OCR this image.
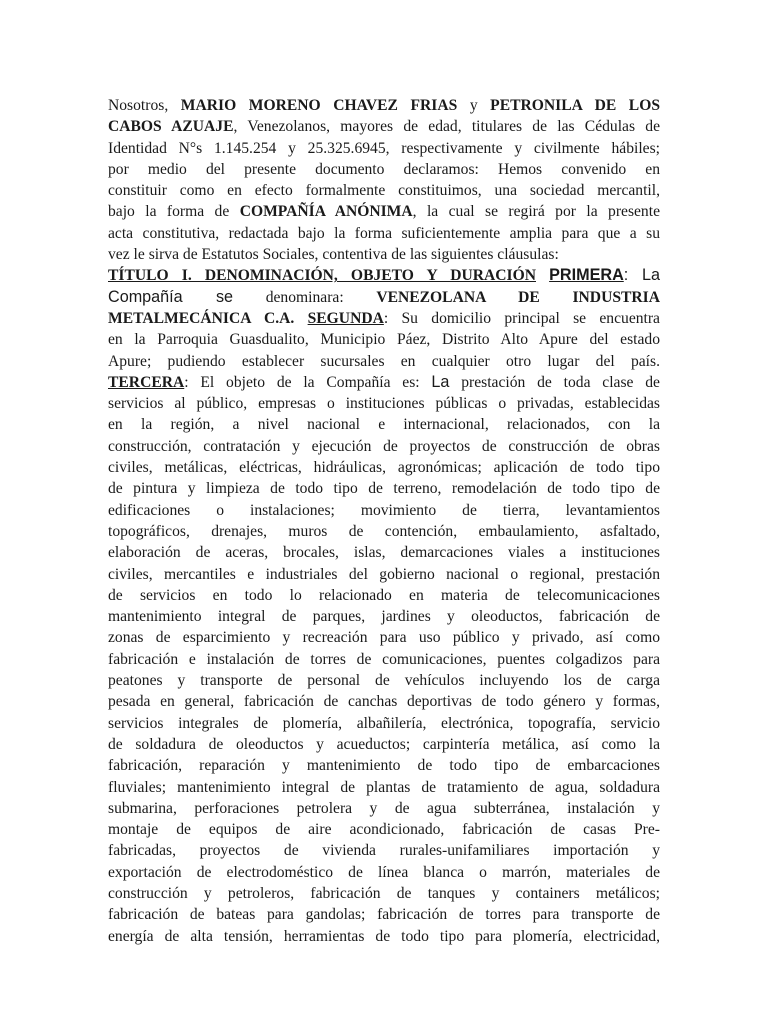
Nosotros, MARIO MORENO CHAVEZ FRIAS y PETRONILA DE LOS
CABOS AZUAJE, Venezolanos, mayores de edad, titulares de las Cédulas de
Identidad N°s 1.145.254 y 25.325.6945, respectivamente y civilmente hábiles;
por medio del presente documento declaramos: Hemos convenido en
constituir como en efecto formalmente constituimos, una sociedad mercantil,
bajo la forma de COMPAÑÍA ANÓNIMA, la cual se regirá por la presente
acta constitutiva, redactada bajo la forma suficientemente amplia para que a su
vez le sirva de Estatutos Sociales, contentiva de las siguientes cláusulas:
TÍTULO I. DENOMINACIÓN, OBJETO Y DURACIÓN PRIMERA: La
Compañía se denominara: VENEZOLANA DE INDUSTRIA
METALMECÁNICA C.A. SEGUNDA: Su domicilio principal se encuentra
en la Parroquia Guasdualito, Municipio Páez, Distrito Alto Apure del estado
Apure; pudiendo establecer sucursales en cualquier otro lugar del país.
TERCERA: El objeto de la Compañía es: La prestación de toda clase de
servicios al público, empresas o instituciones públicas o privadas, establecidas
en la región, a nivel nacional e internacional, relacionados, con la
construcción, contratación y ejecución de proyectos de construcción de obras
civiles, metálicas, eléctricas, hidráulicas, agronómicas; aplicación de todo tipo
de pintura y limpieza de todo tipo de terreno, remodelación de todo tipo de
edificaciones o instalaciones; movimiento de tierra, levantamientos
topográficos, drenajes, muros de contención, embaulamiento, asfaltado,
elaboración de aceras, brocales, islas, demarcaciones viales a instituciones
civiles, mercantiles e industriales del gobierno nacional o regional, prestación
de servicios en todo lo relacionado en materia de telecomunicaciones
mantenimiento integral de parques, jardines y oleoductos, fabricación de
zonas de esparcimiento y recreación para uso público y privado, así como
fabricación e instalación de torres de comunicaciones, puentes colgadizos para
peatones y transporte de personal de vehículos incluyendo los de carga
pesada en general, fabricación de canchas deportivas de todo género y formas,
servicios integrales de plomería, albañilería, electrónica, topografía, servicio
de soldadura de oleoductos y acueductos; carpintería metálica, así como la
fabricación, reparación y mantenimiento de todo tipo de embarcaciones
fluviales; mantenimiento integral de plantas de tratamiento de agua, soldadura
submarina, perforaciones petrolera y de agua subterránea, instalación y
montaje de equipos de aire acondicionado, fabricación de casas Pre-
fabricadas, proyectos de vivienda rurales-unifamiliares importación y
exportación de electrodoméstico de línea blanca o marrón, materiales de
construcción y petroleros, fabricación de tanques y containers metálicos;
fabricación de bateas para gandolas; fabricación de torres para transporte de
energía de alta tensión, herramientas de todo tipo para plomería, electricidad,
